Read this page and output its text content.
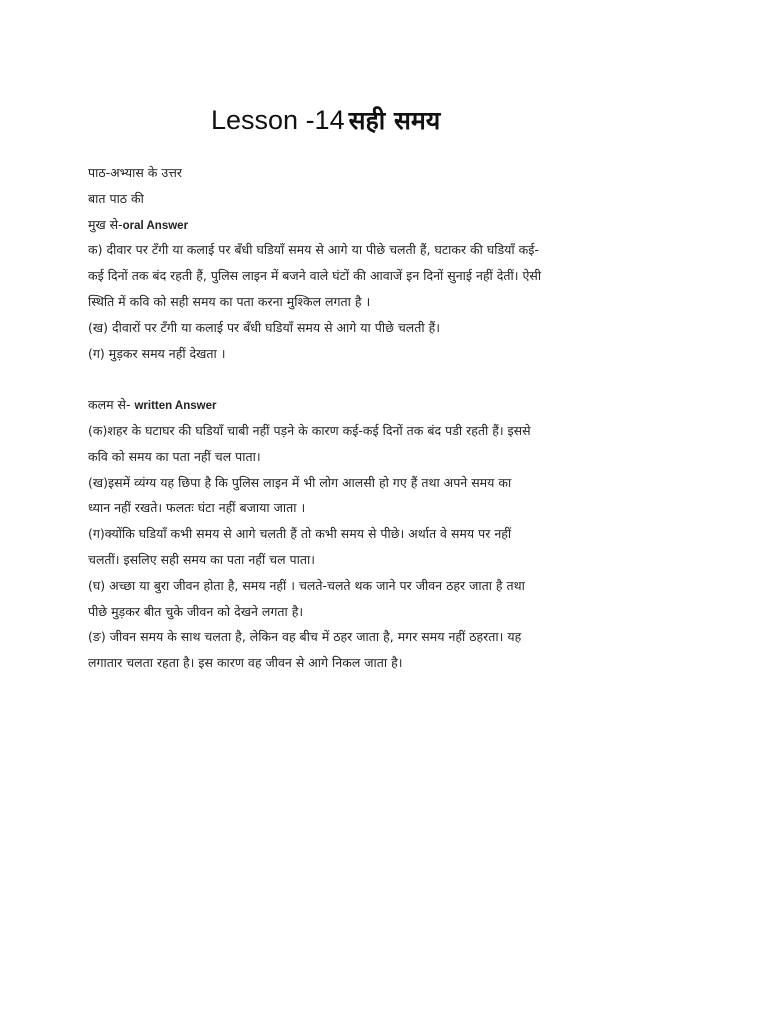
Lesson -14 सही समय
पाठ-अभ्यास के उत्तर
बात पाठ की
मुख से-oral Answer
क) दीवार पर टँगी या कलाई पर बँधी घडियाँ समय से आगे या पीछे चलती हैं, घटाकर की घडियाँ कई-
कई दिनों तक बंद रहती हैं, पुलिस लाइन में बजने वाले घंटों की आवाजें इन दिनों सुनाई नहीं देतीं। ऐसी
स्थिति में कवि को सही समय का पता करना मुश्किल लगता है ।
(ख) दीवारों पर टँगी या कलाई पर बँधी घडियाँ समय से आगे या पीछे चलती हैं।
(ग) मुड़कर समय नहीं देखता ।
कलम से- written Answer
(क)शहर के घटाघर की घडियाँ चाबी नहीं पड़ने के कारण कई-कई दिनों तक बंद पडी रहती हैं। इससे
कवि को समय का पता नहीं चल पाता।
(ख)इसमें व्यंग्य यह छिपा है कि पुलिस लाइन में भी लोग आलसी हो गए हैं तथा अपने समय का
ध्यान नहीं रखते। फलतः घंटा नहीं बजाया जाता ।
(ग)क्योंकि घडियाँ कभी समय से आगे चलती हैं तो कभी समय से पीछे। अर्थात वे समय पर नहीं
चलतीं। इसलिए सही समय का पता नहीं चल पाता।
(घ) अच्छा या बुरा जीवन होता है, समय नहीं । चलते-चलते थक जाने पर जीवन ठहर जाता है तथा
पीछे मुड़कर बीत चुके जीवन को देखने लगता है।
(ङ) जीवन समय के साथ चलता है, लेकिन वह बीच में ठहर जाता है, मगर समय नहीं ठहरता। यह
लगातार चलता रहता है। इस कारण वह जीवन से आगे निकल जाता है।
